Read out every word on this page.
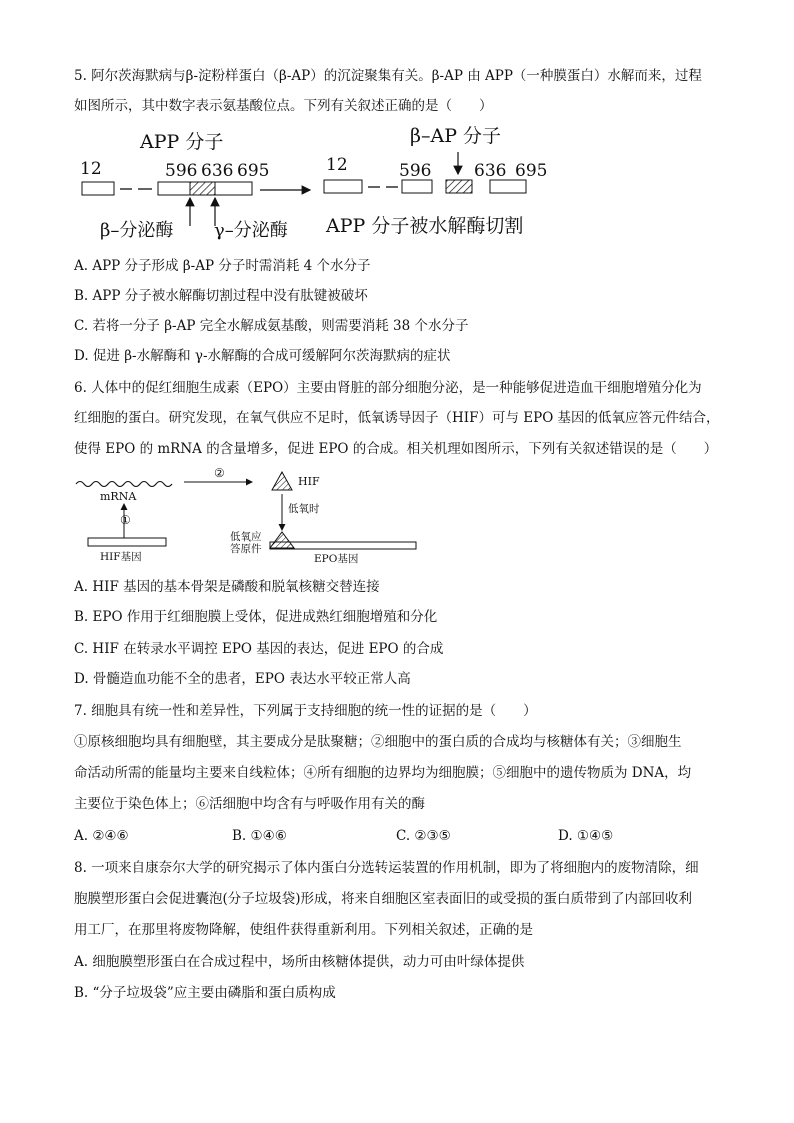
5. 阿尔茨海默病与β-淀粉样蛋白（β-AP）的沉淀聚集有关。β-AP 由 APP（一种膜蛋白）水解而来，过程
如图所示，其中数字表示氨基酸位点。下列有关叙述正确的是（　　）
APP 分子
12	596 636 695
β–分泌酶 γ–分泌酶
β–AP 分子
12	596	636 695
APP 分子被水解酶切割
A. APP 分子形成 β-AP 分子时需消耗 4 个水分子
B. APP 分子被水解酶切割过程中没有肽键被破坏
C. 若将一分子 β-AP 完全水解成氨基酸，则需要消耗 38 个水分子
D. 促进 β-水解酶和 γ-水解酶的合成可缓解阿尔茨海默病的症状
6. 人体中的促红细胞生成素（EPO）主要由肾脏的部分细胞分泌，是一种能够促进造血干细胞增殖分化为
红细胞的蛋白。研究发现，在氧气供应不足时，低氧诱导因子（HIF）可与 EPO 基因的低氧应答元件结合，
使得 EPO 的 mRNA 的含量增多，促进 EPO 的合成。相关机理如图所示，下列有关叙述错误的是（　　）
mRNA
①
HIF基因
②
HIF
低氧时
低氧应
答原件
EPO基因
A. HIF 基因的基本骨架是磷酸和脱氧核糖交替连接
B. EPO 作用于红细胞膜上受体，促进成熟红细胞增殖和分化
C. HIF 在转录水平调控 EPO 基因的表达，促进 EPO 的合成
D. 骨髓造血功能不全的患者，EPO 表达水平较正常人高
7. 细胞具有统一性和差异性，下列属于支持细胞的统一性的证据的是（　　）
①原核细胞均具有细胞壁，其主要成分是肽聚糖；②细胞中的蛋白质的合成均与核糖体有关；③细胞生
命活动所需的能量均主要来自线粒体；④所有细胞的边界均为细胞膜；⑤细胞中的遗传物质为 DNA，均
主要位于染色体上；⑥活细胞中均含有与呼吸作用有关的酶
A. ②④⑥	B. ①④⑥	C. ②③⑤	D. ①④⑤
8. 一项来自康奈尔大学的研究揭示了体内蛋白分选转运装置的作用机制，即为了将细胞内的废物清除，细
胞膜塑形蛋白会促进囊泡(分子垃圾袋)形成，将来自细胞区室表面旧的或受损的蛋白质带到了内部回收利
用工厂，在那里将废物降解，使组件获得重新利用。下列相关叙述，正确的是
A. 细胞膜塑形蛋白在合成过程中，场所由核糖体提供，动力可由叶绿体提供
B. “分子垃圾袋”应主要由磷脂和蛋白质构成
